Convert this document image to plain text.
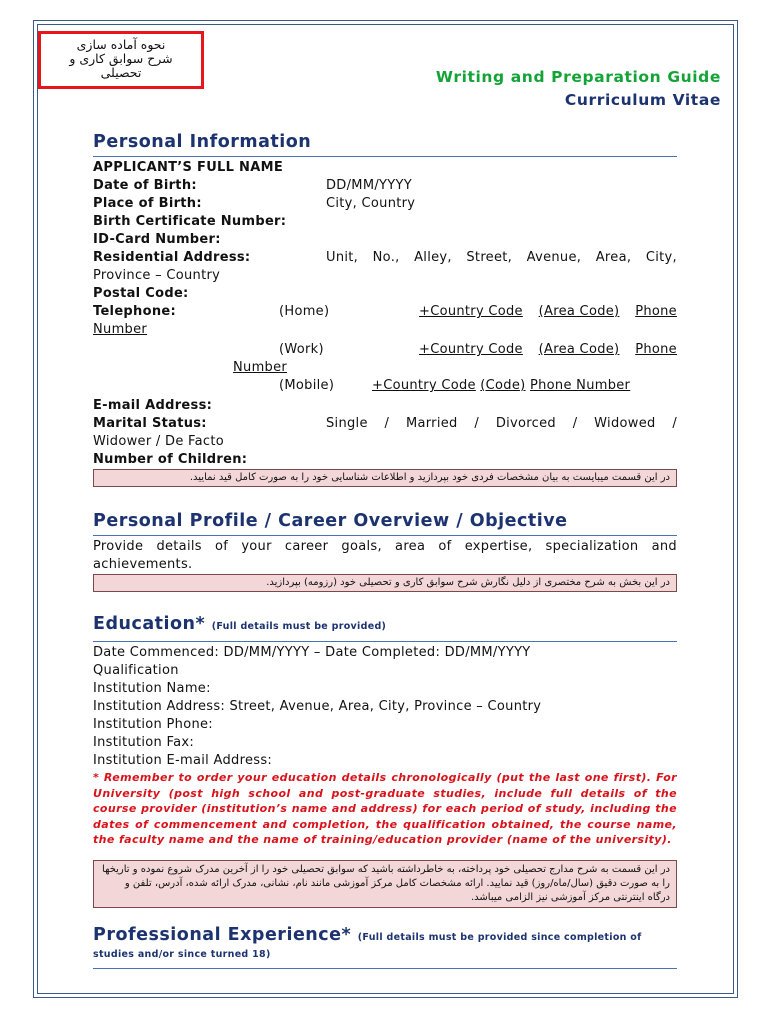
نحوه آماده سازی
شرح سوابق کاری و
تحصیلی	Writing and Preparation Guide
Curriculum Vitae
Personal Information
APPLICANT’S FULL NAME
Date of Birth:	DD/MM/YYYY
Place of Birth:	City, Country
Birth Certificate Number:
ID-Card Number:
Residential Address:	Unit, No., Alley, Street, Avenue, Area, City,
Province – Country
Postal Code:
Telephone:	(Home)	+Country Code (Area Code) Phone
Number
(Work)	+Country Code (Area Code) Phone
Number
(Mobile)	+Country Code (Code) Phone Number
E-mail Address:
Marital Status:	Single / Married / Divorced / Widowed /
Widower / De Facto
Number of Children:
در این قسمت میبایست به بیان مشخصات فردی خود بپردازید و اطلاعات شناسایی خود را به صورت کامل قید نمایید.
Personal Profile / Career Overview / Objective
Provide details of your career goals, area of expertise, specialization and
achievements.
در این بخش به شرح مختصری از دلیل نگارش شرح سوابق کاری و تحصیلی خود (رزومه) بپردازید.
Education* (Full details must be provided)
Date Commenced: DD/MM/YYYY – Date Completed: DD/MM/YYYY
Qualification
Institution Name:
Institution Address: Street, Avenue, Area, City, Province – Country
Institution Phone:
Institution Fax:
Institution E-mail Address:
* Remember to order your education details chronologically (put the last one first). For University (post high school and post-graduate studies, include full details of the course provider (institution’s name and address) for each period of study, including the dates of commencement and completion, the qualification obtained, the course name, the faculty name and the name of training/education provider (name of the university).
در این قسمت به شرح مدارج تحصیلی خود پرداخته، به خاطرداشته باشید که سوابق تحصیلی خود را از آخرین مدرک شروع نموده و تاریخها را به صورت دقیق (سال/ماه/روز) قید نمایید. ارائه مشخصات کامل مرکز آموزشی مانند نام، نشانی، مدرک ارائه شده، آدرس، تلفن و درگاه اینترنتی مرکز آموزشی نیز الزامی میباشد.
Professional Experience* (Full details must be provided since completion of studies and/or since turned 18)
